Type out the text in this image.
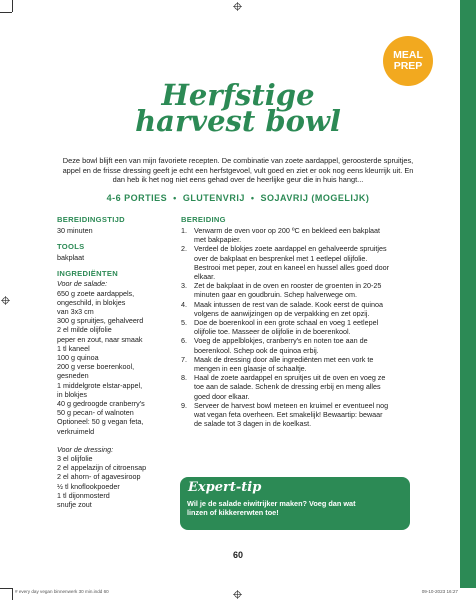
MEAL
PREP
Herfstige
harvest bowl
Deze bowl blijft een van mijn favoriete recepten. De combinatie van zoete aardappel, geroosterde spruitjes, appel en de frisse dressing geeft je echt een herfstgevoel, vult goed en ziet er ook nog eens kleurrijk uit. En dan heb ik het nog niet eens gehad over de heerlijke geur die in huis hangt...
4-6 PORTIES • GLUTENVRIJ • SOJAVRIJ (MOGELIJK)
BEREIDINGSTIJD
30 minuten
TOOLS
bakplaat
INGREDIËNTEN
Voor de salade:
650 g zoete aardappels,
ongeschild, in blokjes
van 3x3 cm
300 g spruitjes, gehalveerd
2 el milde olijfolie
peper en zout, naar smaak
1 tl kaneel
100 g quinoa
200 g verse boerenkool,
gesneden
1 middelgrote elstar-appel,
in blokjes
40 g gedroogde cranberry's
50 g pecan- of walnoten
Optioneel: 50 g vegan feta,
verkruimeld
Voor de dressing:
3 el olijfolie
2 el appelazijn of citroensap
2 el ahorn- of agavesiroop
½ tl knoflookpoeder
1 tl dijonmosterd
snufje zout
BEREIDING
1. Verwarm de oven voor op 200 ºC en bekleed een bakplaat
met bakpapier.
2. Verdeel de blokjes zoete aardappel en gehalveerde spruitjes
over de bakplaat en besprenkel met 1 eetlepel olijfolie.
Bestrooi met peper, zout en kaneel en hussel alles goed door
elkaar.
3. Zet de bakplaat in de oven en rooster de groenten in 20-25
minuten gaar en goudbruin. Schep halverwege om.
4. Maak intussen de rest van de salade. Kook eerst de quinoa
volgens de aanwijzingen op de verpakking en zet opzij.
5. Doe de boerenkool in een grote schaal en voeg 1 eetlepel
olijfolie toe. Masseer de olijfolie in de boerenkool.
6. Voeg de appelblokjes, cranberry's en noten toe aan de
boerenkool. Schep ook de quinoa erbij.
7. Maak de dressing door alle ingrediënten met een vork te
mengen in een glaasje of schaaltje.
8. Haal de zoete aardappel en spruitjes uit de oven en voeg ze
toe aan de salade. Schenk de dressing erbij en meng alles
goed door elkaar.
9. Serveer de harvest bowl meteen en kruimel er eventueel nog
wat vegan feta overheen. Eet smakelijk! Bewaartip: bewaar
de salade tot 3 dagen in de koelkast.
Expert-tip
Wil je de salade eiwitrijker maken? Voeg dan wat
linzen of kikkererwten toe!
60
# every day vegan binnenwerk 30 min.indd 60	09-10-2023 16:27
